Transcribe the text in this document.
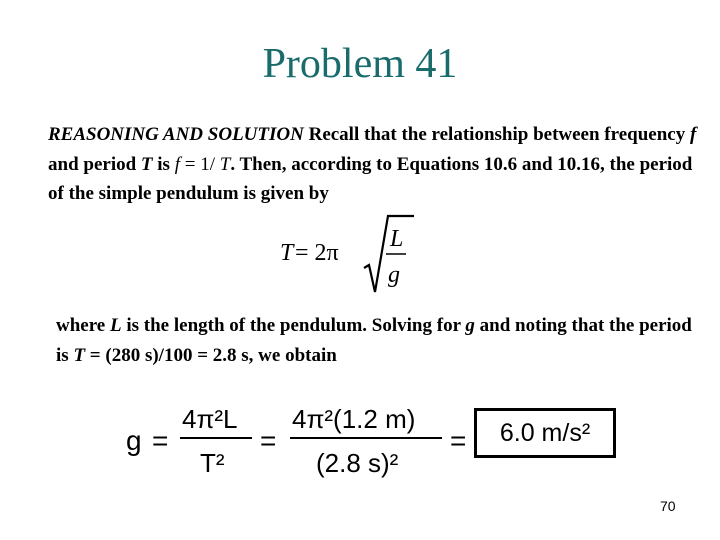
Problem 41
REASONING AND SOLUTION Recall that the relationship between frequency f and period T is f = 1/ T. Then, according to Equations 10.6 and 10.16, the period of the simple pendulum is given by
T = 2π
L
g
where L is the length of the pendulum. Solving for g and noting that the period is T = (280 s)/100 = 2.8 s, we obtain
g =
4π²L
T²
=
4π²(1.2 m)
(2.8 s)²
=	6.0 m/s²
70
